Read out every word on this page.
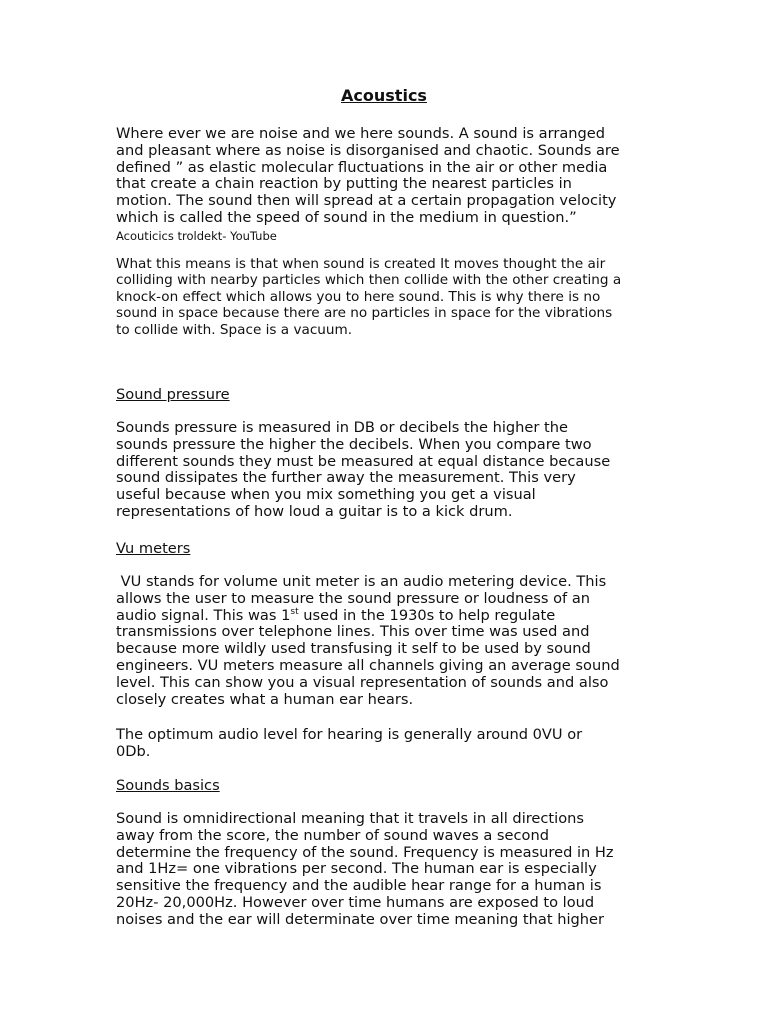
Acoustics
Where ever we are noise and we here sounds. A sound is arranged
and pleasant where as noise is disorganised and chaotic. Sounds are
defined ” as elastic molecular fluctuations in the air or other media
that create a chain reaction by putting the nearest particles in
motion. The sound then will spread at a certain propagation velocity
which is called the speed of sound in the medium in question.”
Acouticics troldekt- YouTube
What this means is that when sound is created It moves thought the air
colliding with nearby particles which then collide with the other creating a
knock-on effect which allows you to here sound. This is why there is no
sound in space because there are no particles in space for the vibrations
to collide with. Space is a vacuum.
Sound pressure
Sounds pressure is measured in DB or decibels the higher the
sounds pressure the higher the decibels. When you compare two
different sounds they must be measured at equal distance because
sound dissipates the further away the measurement. This very
useful because when you mix something you get a visual
representations of how loud a guitar is to a kick drum.
Vu meters
VU stands for volume unit meter is an audio metering device. This
allows the user to measure the sound pressure or loudness of an
audio signal. This was 1st used in the 1930s to help regulate
transmissions over telephone lines. This over time was used and
because more wildly used transfusing it self to be used by sound
engineers. VU meters measure all channels giving an average sound
level. This can show you a visual representation of sounds and also
closely creates what a human ear hears.
The optimum audio level for hearing is generally around 0VU or
0Db.
Sounds basics
Sound is omnidirectional meaning that it travels in all directions
away from the score, the number of sound waves a second
determine the frequency of the sound. Frequency is measured in Hz
and 1Hz= one vibrations per second. The human ear is especially
sensitive the frequency and the audible hear range for a human is
20Hz- 20,000Hz. However over time humans are exposed to loud
noises and the ear will determinate over time meaning that higher
